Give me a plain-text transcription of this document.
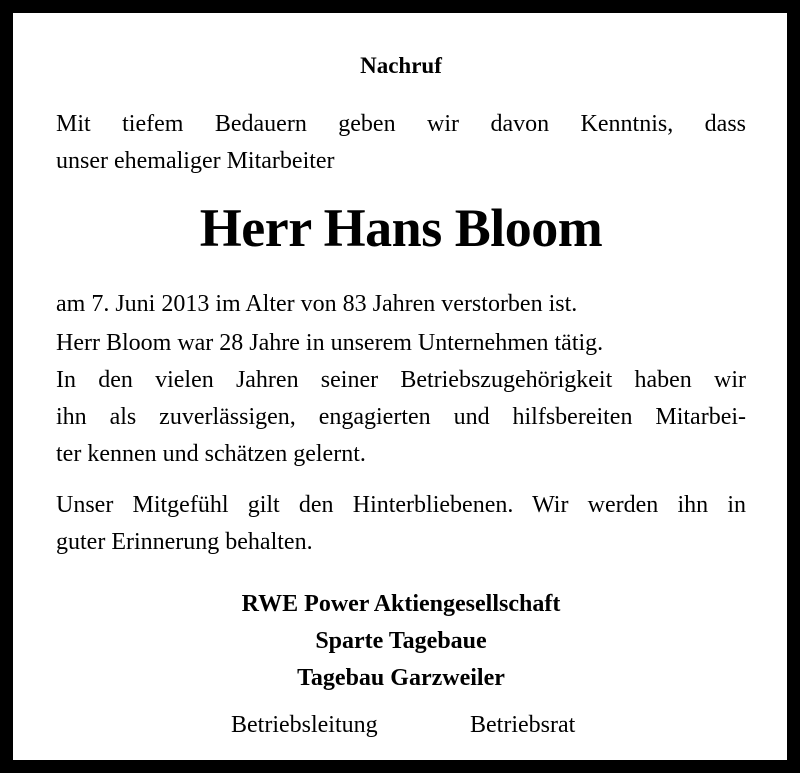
Nachruf

Mit tiefem Bedauern geben wir davon Kenntnis, dass
unser ehemaliger Mitarbeiter

Herr Hans Bloom

am 7. Juni 2013 im Alter von 83 Jahren verstorben ist.

Herr Bloom war 28 Jahre in unserem Unternehmen tätig.
In den vielen Jahren seiner Betriebszugehörigkeit haben wir
ihn als zuverlässigen, engagierten und hilfsbereiten Mitarbei-
ter kennen und schätzen gelernt.

Unser Mitgefühl gilt den Hinterbliebenen. Wir werden ihn in
guter Erinnerung behalten.

RWE Power Aktiengesellschaft
Sparte Tagebaue
Tagebau Garzweiler
Betriebsleitung	Betriebsrat
